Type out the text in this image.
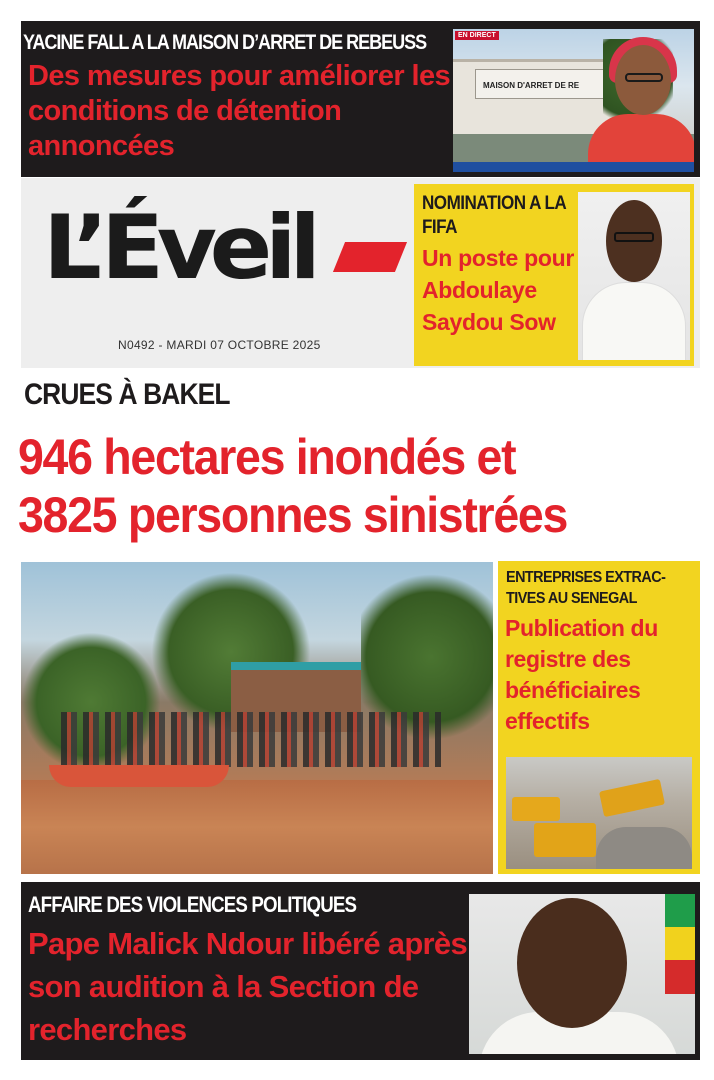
YACINE FALL A LA MAISON D’ARRET DE REBEUSS
Des mesures pour améliorer les conditions de détention annoncées
MAISON D'ARRET DE RE
EN DIRECT
L’Éveil
N0492 - MARDI 07 OCTOBRE 2025
NOMINATION A LA FIFA
Un poste pour Abdoulaye Saydou Sow
CRUES À BAKEL
946 hectares inondés et
3825 personnes sinistrées
ENTREPRISES EXTRAC-TIVES AU SENEGAL
Publication du registre des bénéficiaires effectifs
AFFAIRE DES VIOLENCES POLITIQUES
Pape Malick Ndour libéré après son audition à la Section de recherches
